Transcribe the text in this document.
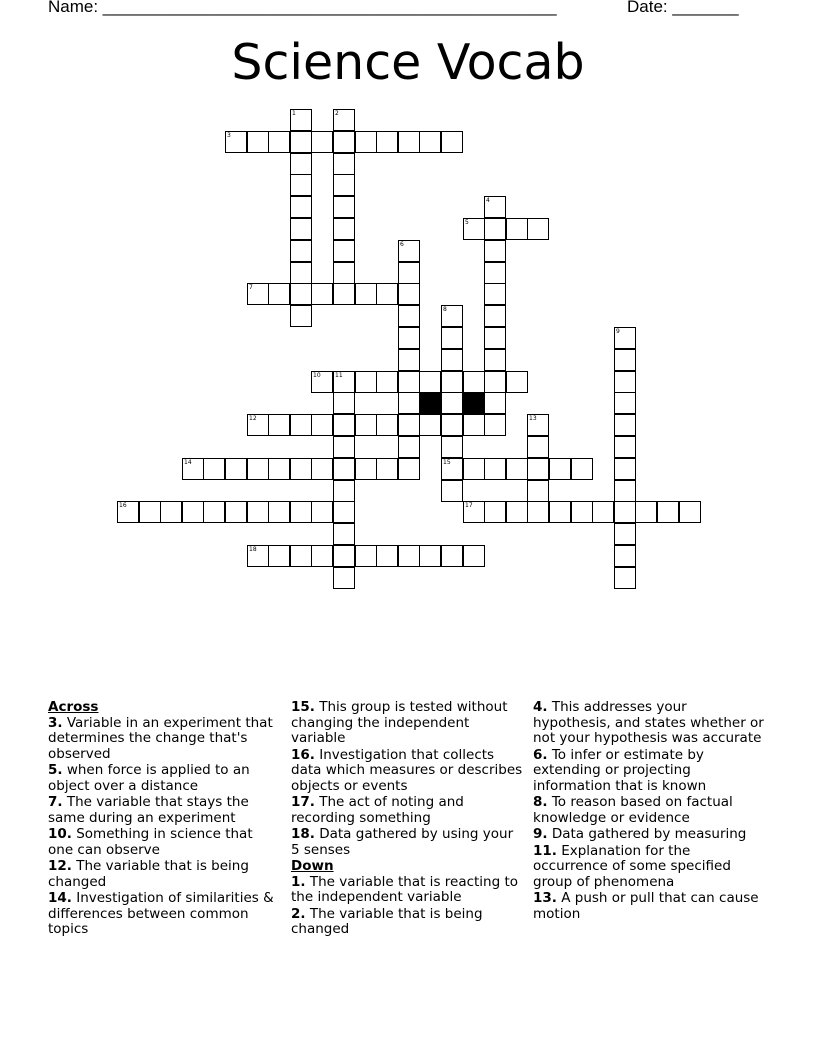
Name: ________________________________________________	Date: _______
Science Vocab
1	2
3
4
5
6
7
8
15
9
10 11
12	13
14
16	17
18
Across
3. Variable in an experiment that determines the change that's observed
5. when force is applied to an object over a distance
7. The variable that stays the same during an experiment
10. Something in science that one can observe
12. The variable that is being changed
14. Investigation of similarities & differences between common topics
15. This group is tested without changing the independent variable
16. Investigation that collects data which measures or describes objects or events
17. The act of noting and recording something
18. Data gathered by using your 5 senses
Down
1. The variable that is reacting to the independent variable
2. The variable that is being changed
4. This addresses your hypothesis, and states whether or not your hypothesis was accurate
6. To infer or estimate by extending or projecting information that is known
8. To reason based on factual knowledge or evidence
9. Data gathered by measuring
11. Explanation for the occurrence of some specified group of phenomena
13. A push or pull that can cause motion
